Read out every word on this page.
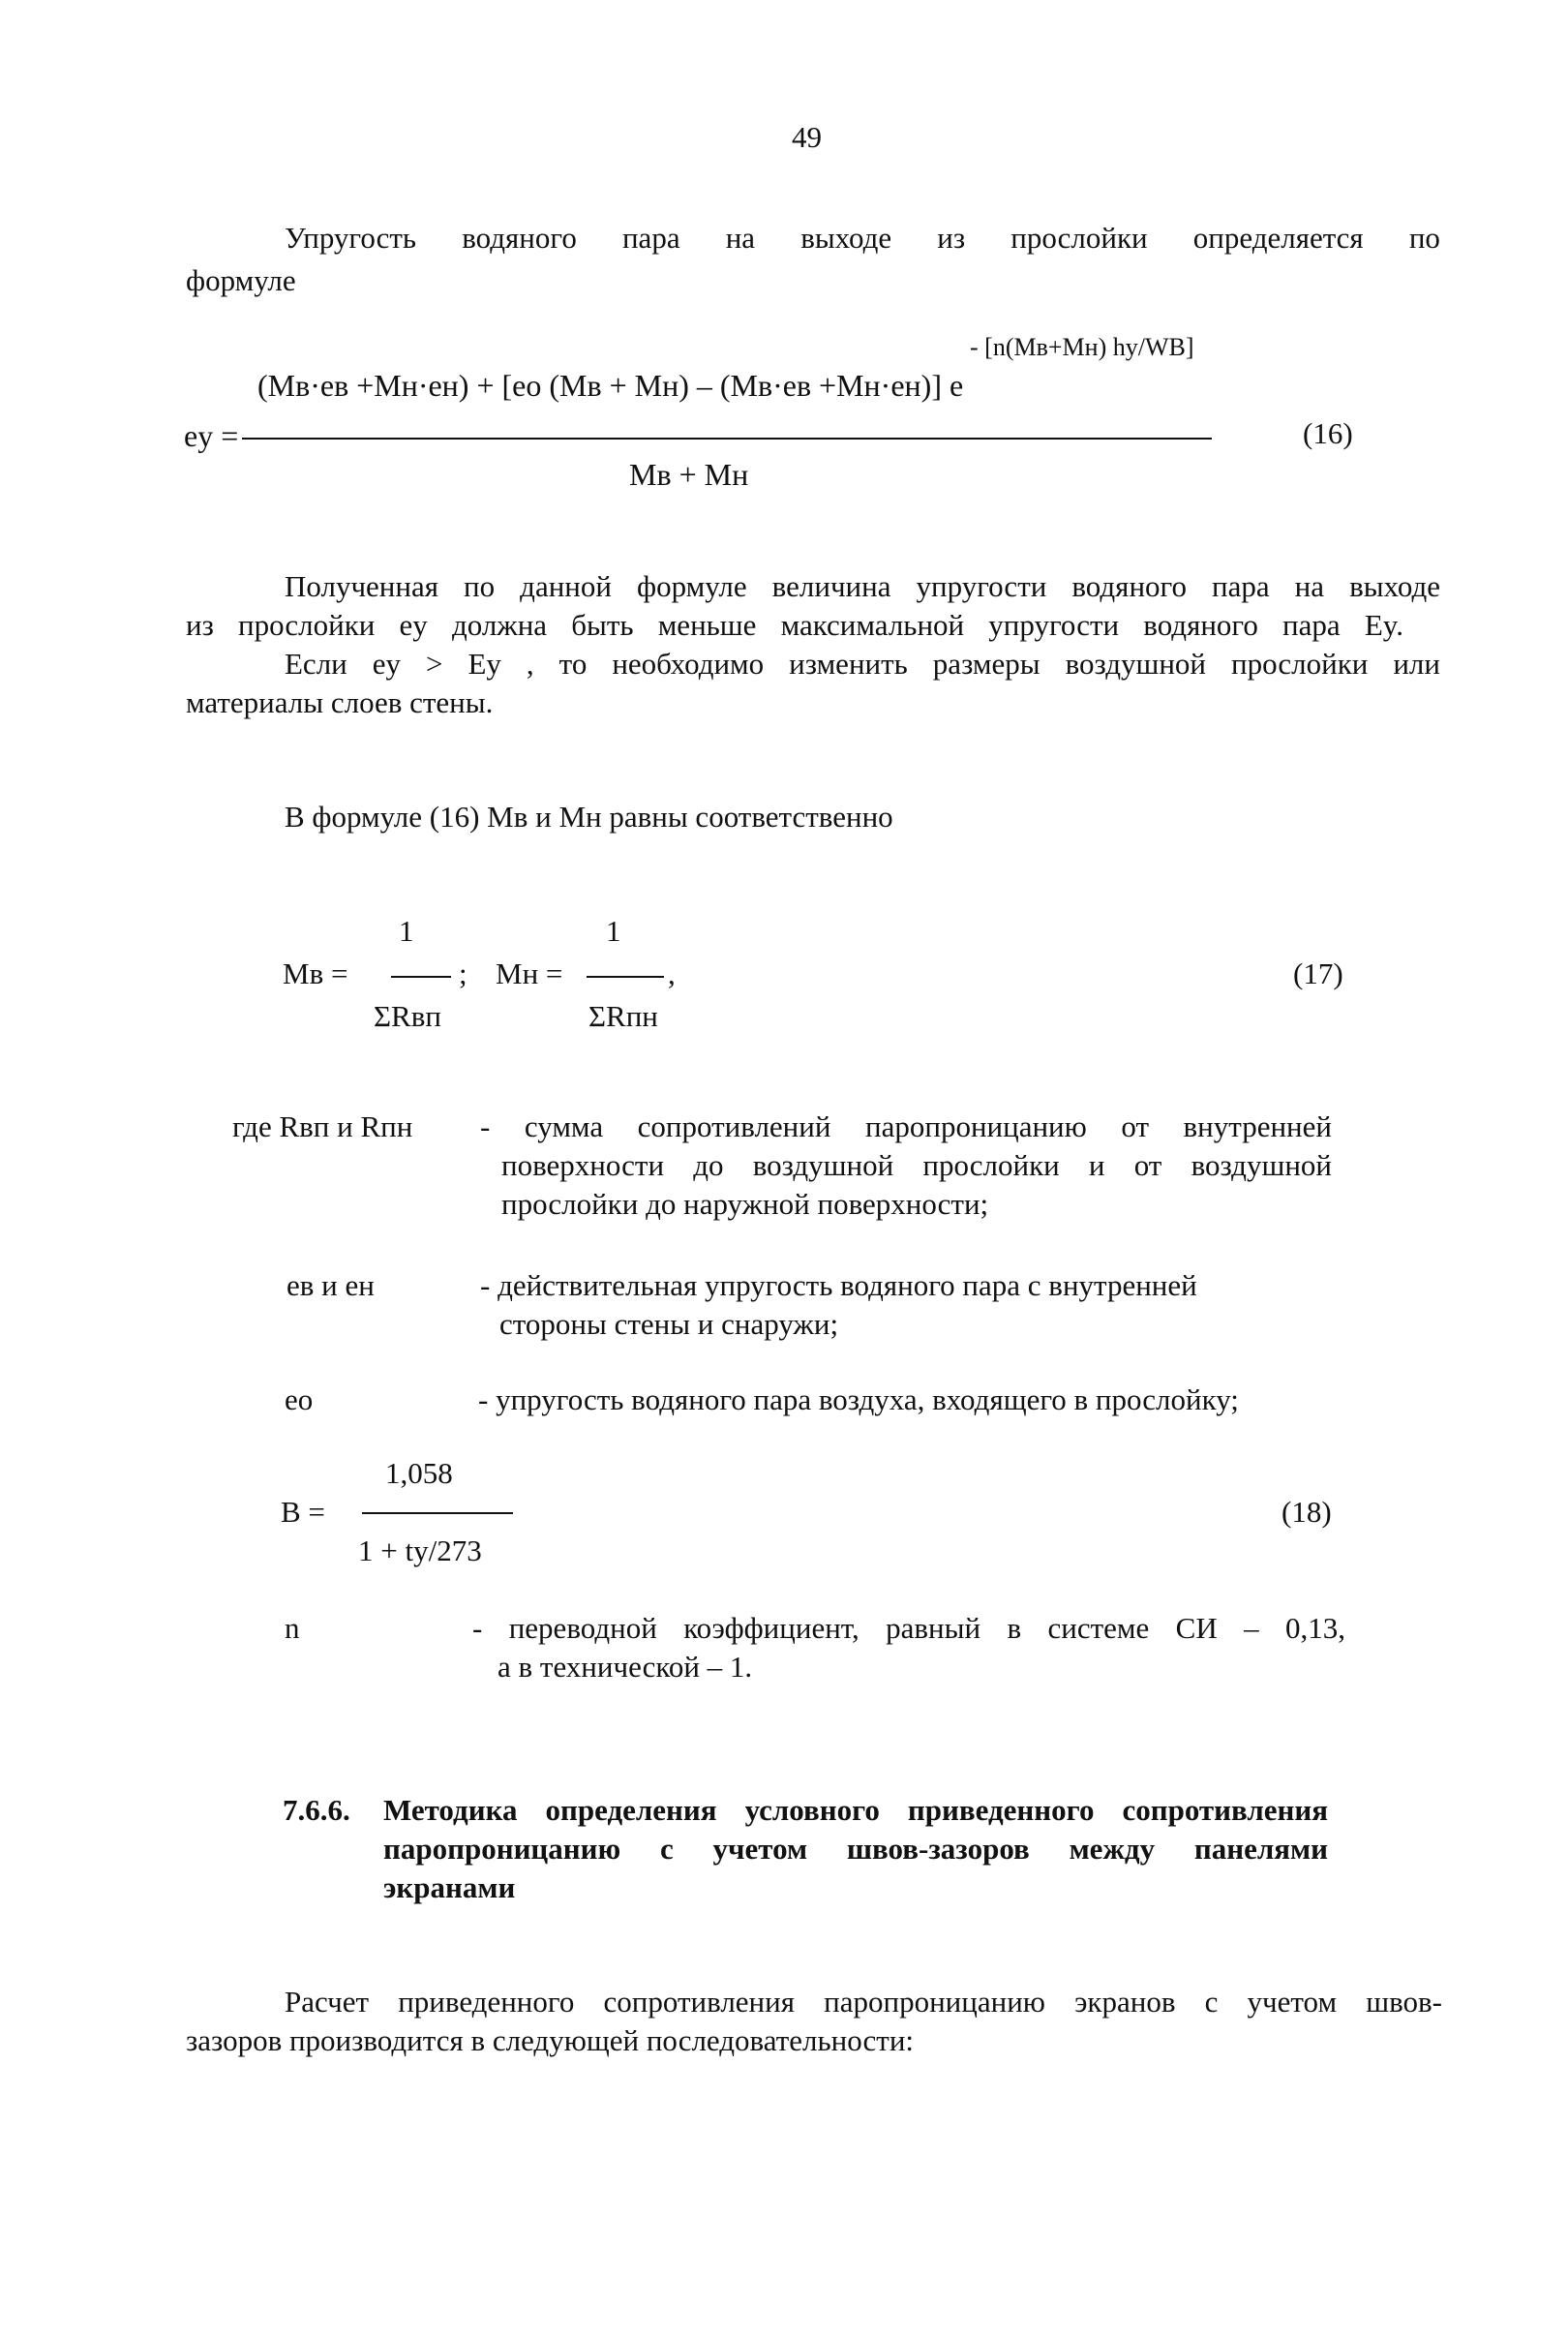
49
Упругость водяного пара на выходе из прослойки определяется по
формуле
- [n(Mв+Mн) hy/WB]
(Mв·eв +Mн·eн) + [eo (Mв + Mн) – (Mв·eв +Mн·eн)] e
ey =	(16)
Mв + Mн
Полученная по данной формуле величина упругости водяного пара на выходе
из прослойки ey должна быть меньше максимальной упругости водяного пара Ey.
Если ey > Ey , то необходимо изменить размеры воздушной прослойки или
материалы слоев стены.
В формуле (16) Mв и Mн равны соответственно
1
Mв =	;
ΣRвп
1
Mн =	,
ΣRпн
(17)
где Rвп и Rпн - сумма сопротивлений паропроницанию от внутренней
поверхности до воздушной прослойки и от воздушной
прослойки до наружной поверхности;
eв и eн	- действительная упругость водяного пара с внутренней
стороны стены и снаружи;
eo	- упругость водяного пара воздуха, входящего в прослойку;
1,058
B =	(18)
1 + ty/273
n	- переводной коэффициент, равный в системе СИ – 0,13,
а в технической – 1.
7.6.6. Методика определения условного приведенного сопротивления
паропроницанию с учетом швов-зазоров между панелями
экранами
Расчет приведенного сопротивления паропроницанию экранов с учетом швов-
зазоров производится в следующей последовательности:
